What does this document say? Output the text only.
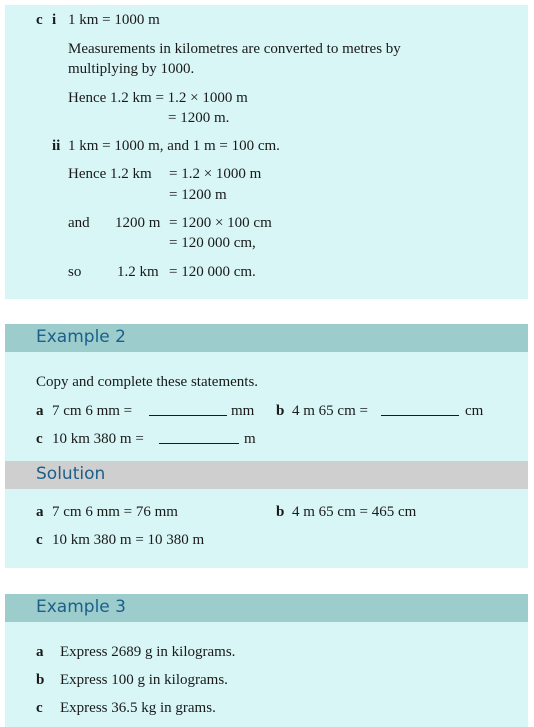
c i 1 km = 1000 m
Measurements in kilometres are converted to metres by
multiplying by 1000.
Hence 1.2 km = 1.2 × 1000 m
= 1200 m.
ii 1 km = 1000 m, and 1 m = 100 cm.
Hence 1.2 km = 1.2 × 1000 m
= 1200 m
and 1200 m = 1200 × 100 cm
= 120 000 cm,
so 1.2 km = 120 000 cm.
Example 2
Copy and complete these statements.
a 7 cm 6 mm =	mm b 4 m 65 cm =	cm
c 10 km 380 m =	m
Solution
a 7 cm 6 mm = 76 mm	b 4 m 65 cm = 465 cm
c 10 km 380 m = 10 380 m
Example 3
a Express 2689 g in kilograms.
b Express 100 g in kilograms.
c Express 36.5 kg in grams.
